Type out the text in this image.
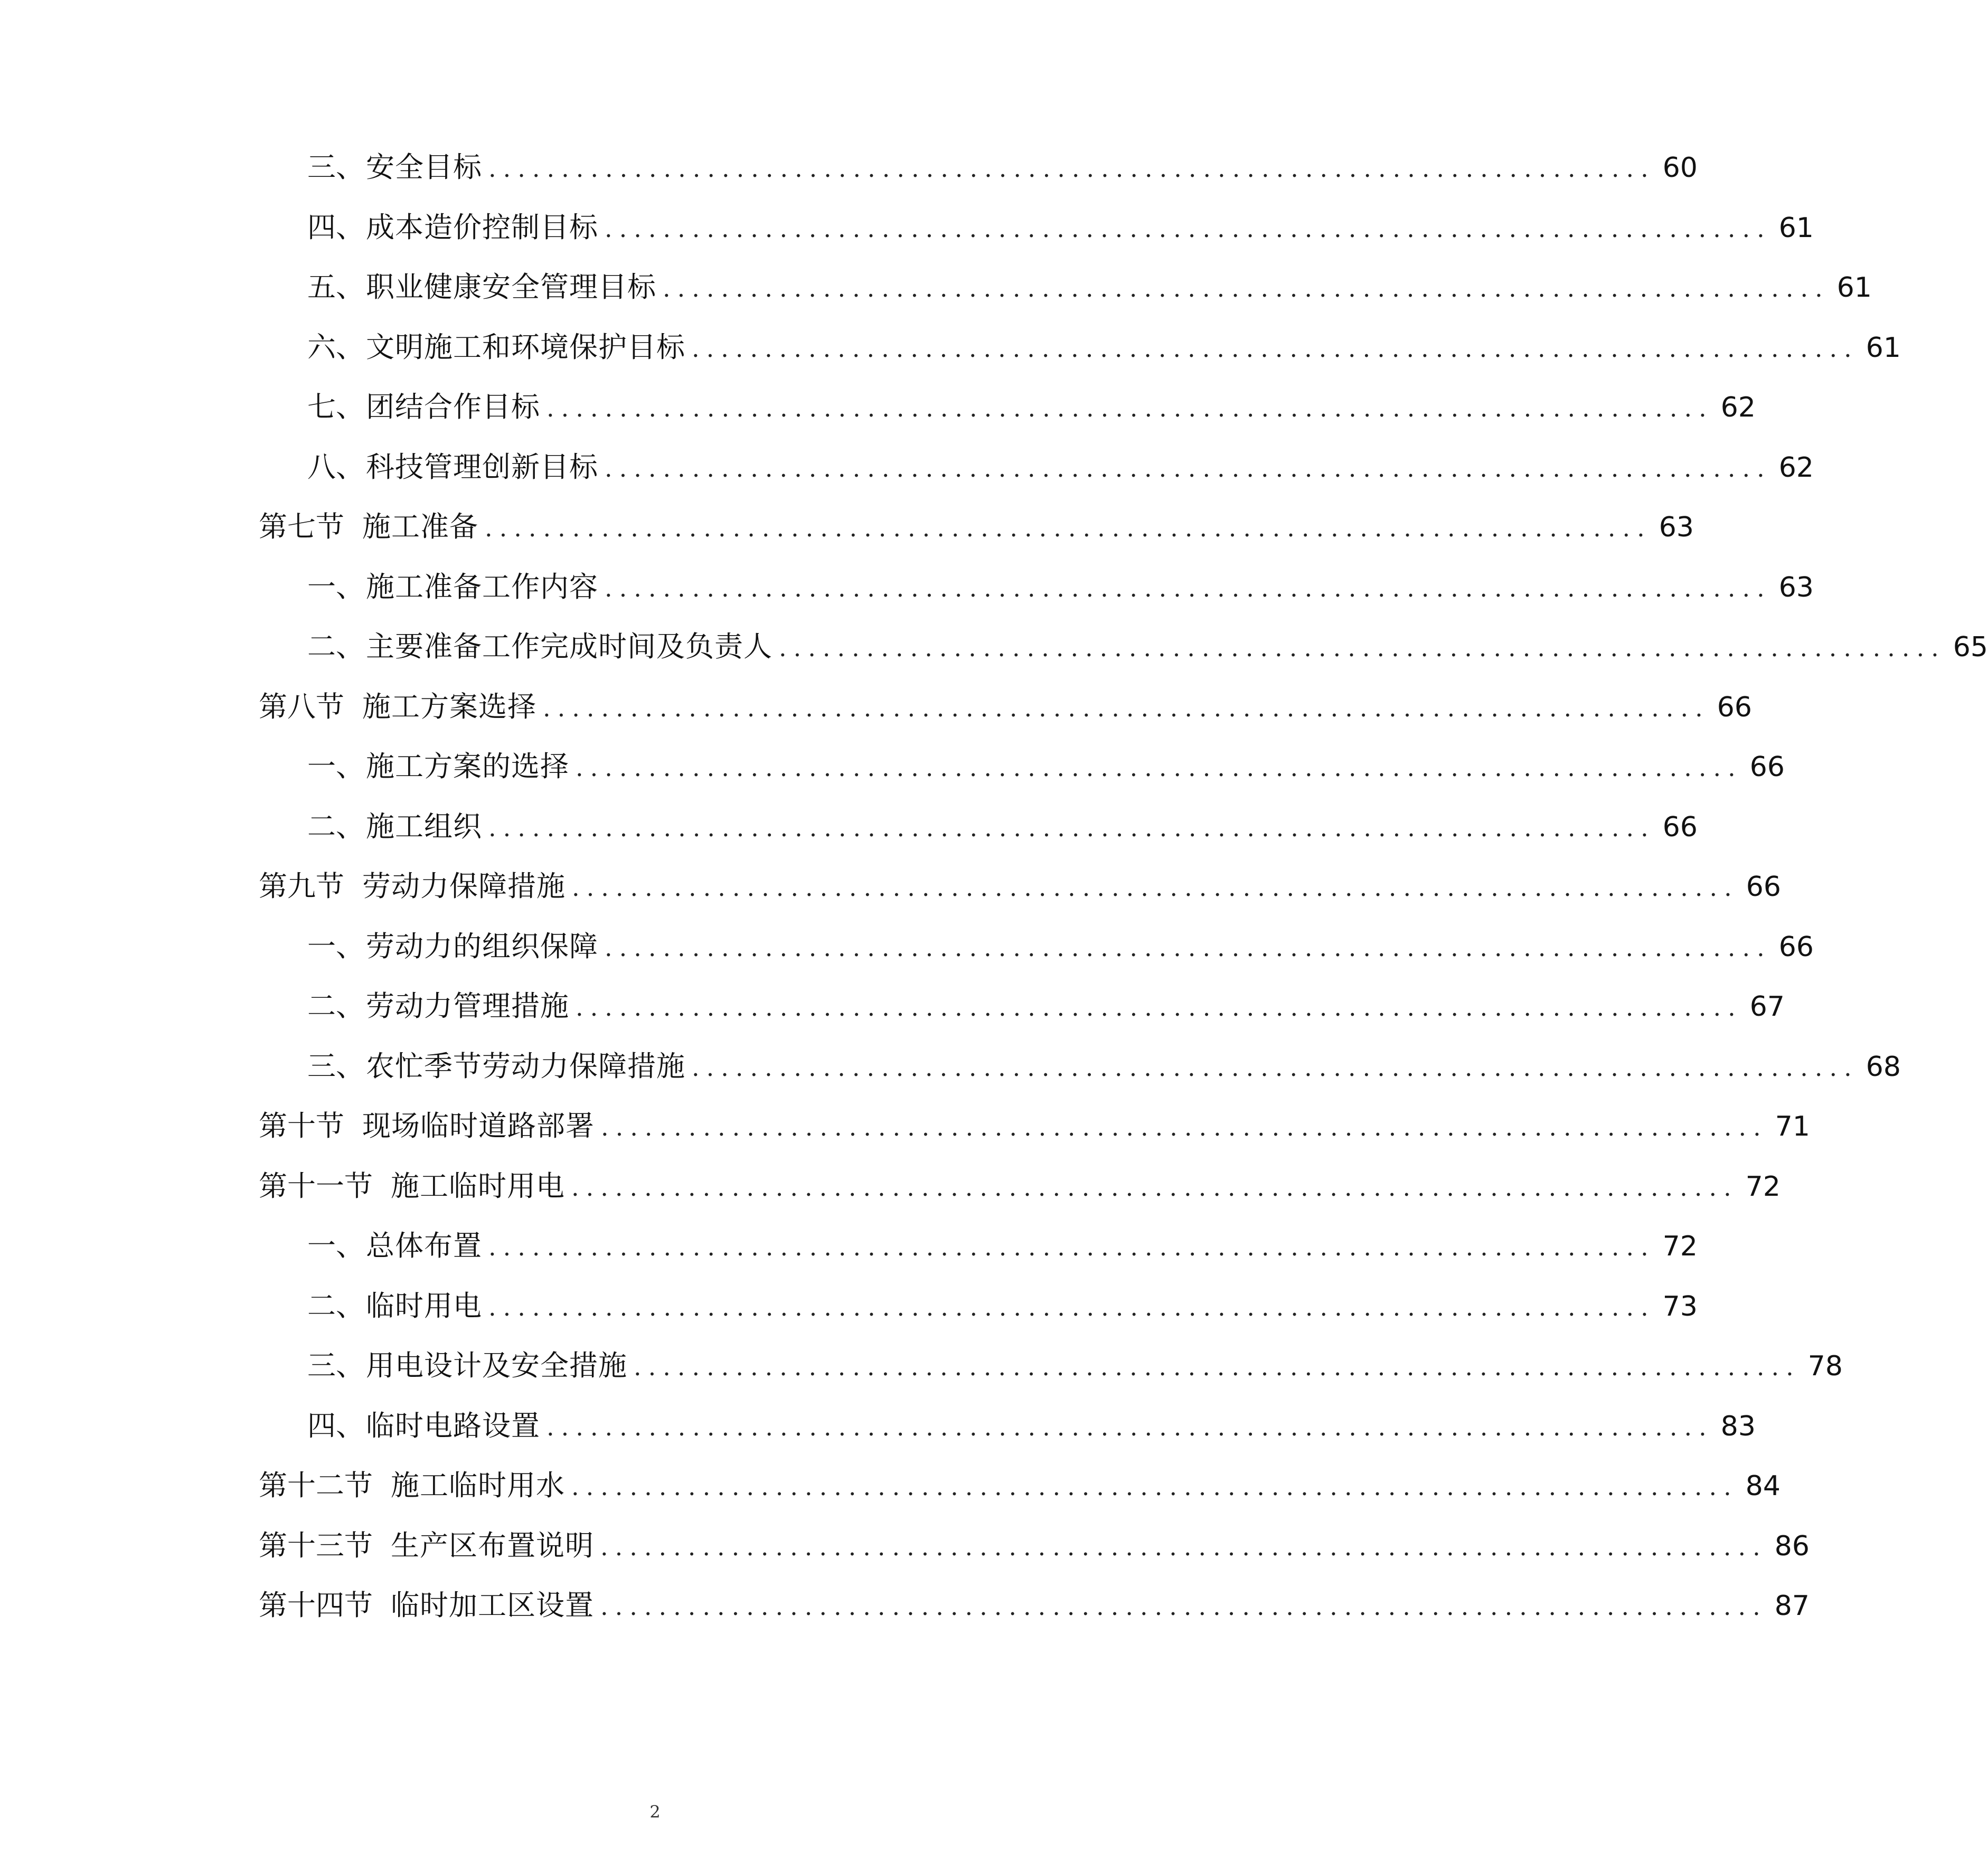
三、 安全目标 ................................................................................ 60
四、 成本造价控制目标 ................................................................................ 61
五、 职业健康安全管理目标 ................................................................................ 61
六、 文明施工和环境保护目标 ................................................................................ 61
七、 团结合作目标 ................................................................................ 62
八、 科技管理创新目标 ................................................................................ 62
第七节 施工准备 ................................................................................ 63
一、 施工准备工作内容 ................................................................................ 63
二、 主要准备工作完成时间及负责人 ................................................................................ 65
第八节 施工方案选择 ................................................................................ 66
一、 施工方案的选择 ................................................................................ 66
二、 施工组织 ................................................................................ 66
第九节 劳动力保障措施 ................................................................................ 66
一、 劳动力的组织保障 ................................................................................ 66
二、 劳动力管理措施 ................................................................................ 67
三、 农忙季节劳动力保障措施 ................................................................................ 68
第十节 现场临时道路部署 ................................................................................ 71
第十一节 施工临时用电 ................................................................................ 72
一、 总体布置 ................................................................................ 72
二、 临时用电 ................................................................................ 73
三、 用电设计及安全措施 ................................................................................ 78
四、 临时电路设置 ................................................................................ 83
第十二节 施工临时用水 ................................................................................ 84
第十三节 生产区布置说明 ................................................................................ 86
第十四节 临时加工区设置 ................................................................................ 87
2
